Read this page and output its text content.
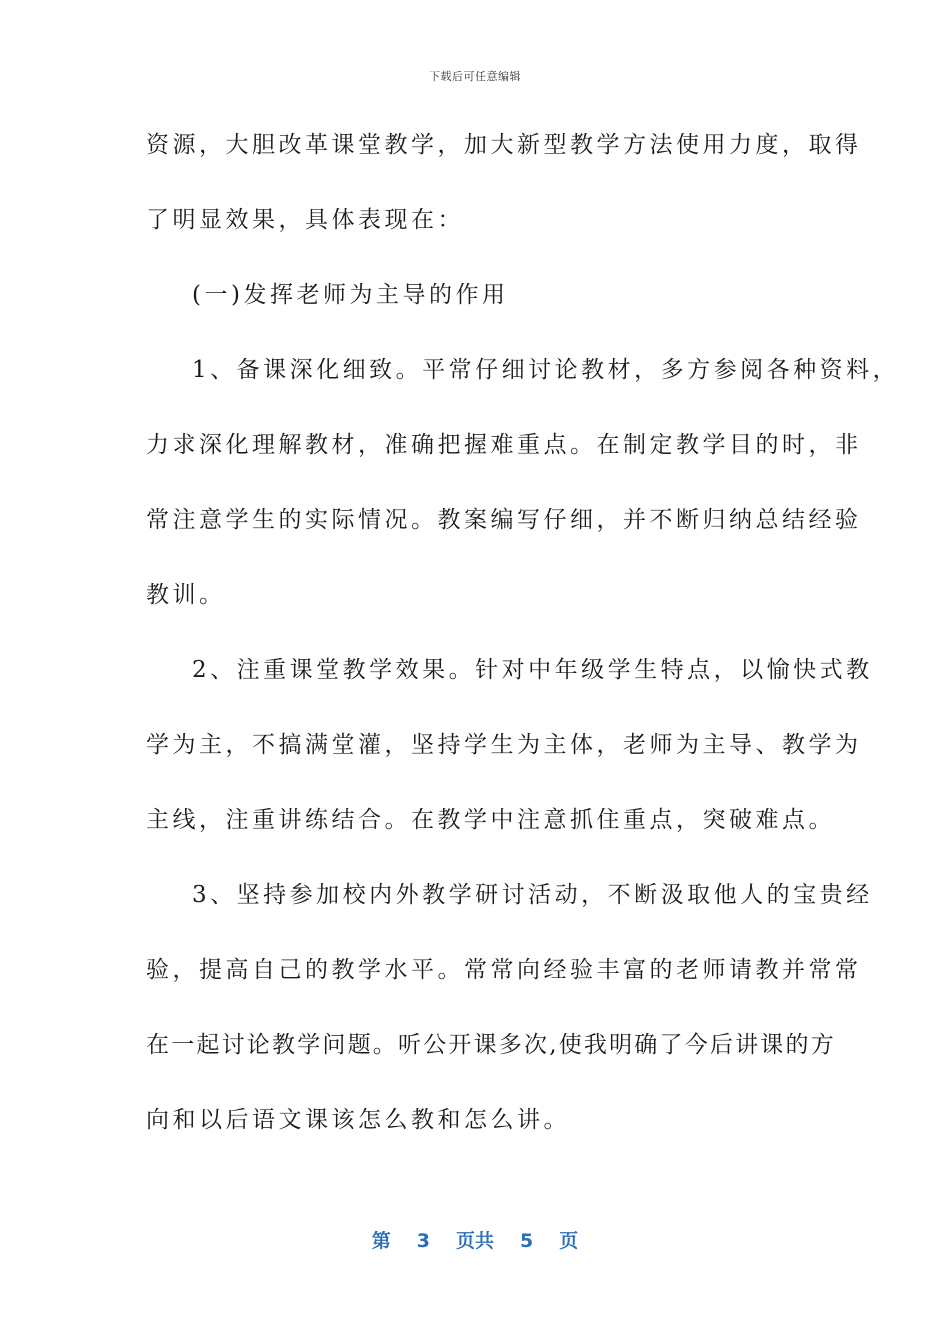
下载后可任意编辑
资源，大胆改革课堂教学，加大新型教学方法使用力度，取得
了明显效果，具体表现在：
(一)发挥老师为主导的作用
1、备课深化细致。平常仔细讨论教材，多方参阅各种资料，
力求深化理解教材，准确把握难重点。在制定教学目的时，非
常注意学生的实际情况。教案编写仔细，并不断归纳总结经验
教训。
2、注重课堂教学效果。针对中年级学生特点，以愉快式教
学为主，不搞满堂灌，坚持学生为主体，老师为主导、教学为
主线，注重讲练结合。在教学中注意抓住重点，突破难点。
3、坚持参加校内外教学研讨活动，不断汲取他人的宝贵经
验，提高自己的教学水平。常常向经验丰富的老师请教并常常
在一起讨论教学问题。听公开课多次,使我明确了今后讲课的方
向和以后语文课该怎么教和怎么讲。
第 3 页共 5 页
